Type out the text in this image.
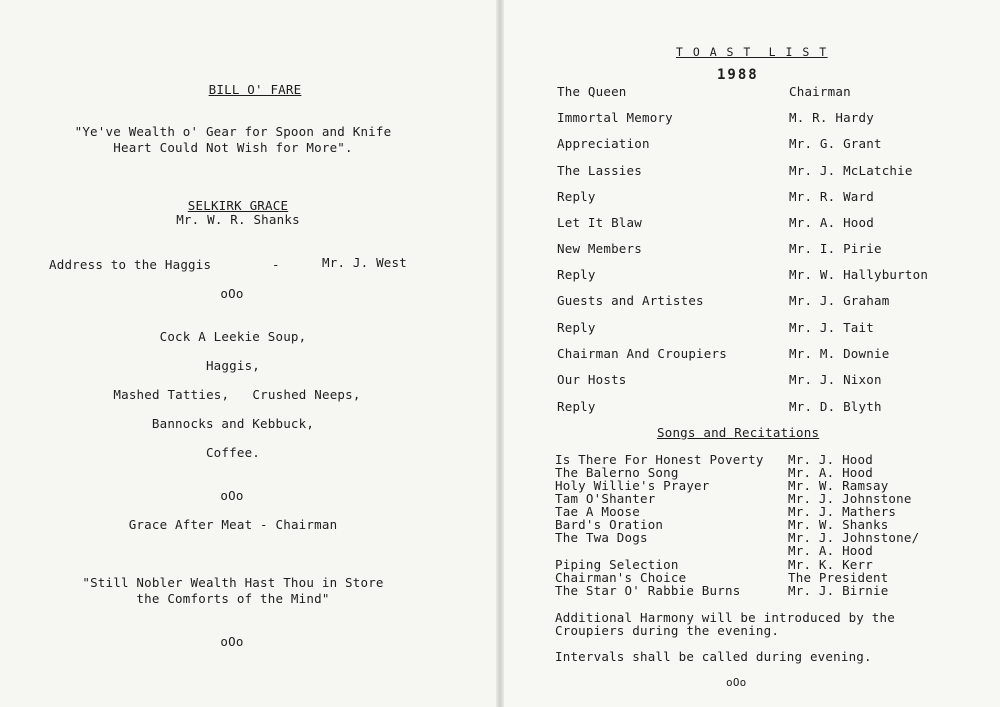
BILL O' FARE
"Ye've Wealth o' Gear for Spoon and Knife
Heart Could Not Wish for More".
SELKIRK GRACE
Mr. W. R. Shanks
Address to the Haggis	-	Mr. J. West
oOo
Cock A Leekie Soup,
Haggis,
Mashed Tatties,   Crushed Neeps,
Bannocks and Kebbuck,
Coffee.
oOo
Grace After Meat - Chairman
"Still Nobler Wealth Hast Thou in Store
the Comforts of the Mind"
oOo
T O A S T  L I S T
1988
The Queen	Chairman
Immortal Memory	M. R. Hardy
Appreciation	Mr. G. Grant
The Lassies	Mr. J. McLatchie
Reply	Mr. R. Ward
Let It Blaw	Mr. A. Hood
New Members	Mr. I. Pirie
Reply	Mr. W. Hallyburton
Guests and Artistes	Mr. J. Graham
Reply	Mr. J. Tait
Chairman And Croupiers	Mr. M. Downie
Our Hosts	Mr. J. Nixon
Reply	Mr. D. Blyth
Songs and Recitations
Is There For Honest Poverty Mr. J. Hood
The Balerno Song	Mr. A. Hood
Holy Willie's Prayer	Mr. W. Ramsay
Tam O'Shanter	Mr. J. Johnstone
Tae A Moose	Mr. J. Mathers
Bard's Oration	Mr. W. Shanks
The Twa Dogs	Mr. J. Johnstone/
Mr. A. Hood
Piping Selection	Mr. K. Kerr
Chairman's Choice	The President
The Star O' Rabbie Burns	Mr. J. Birnie
Additional Harmony will be introduced by the
Croupiers during the evening.
Intervals shall be called during evening.
oOo
